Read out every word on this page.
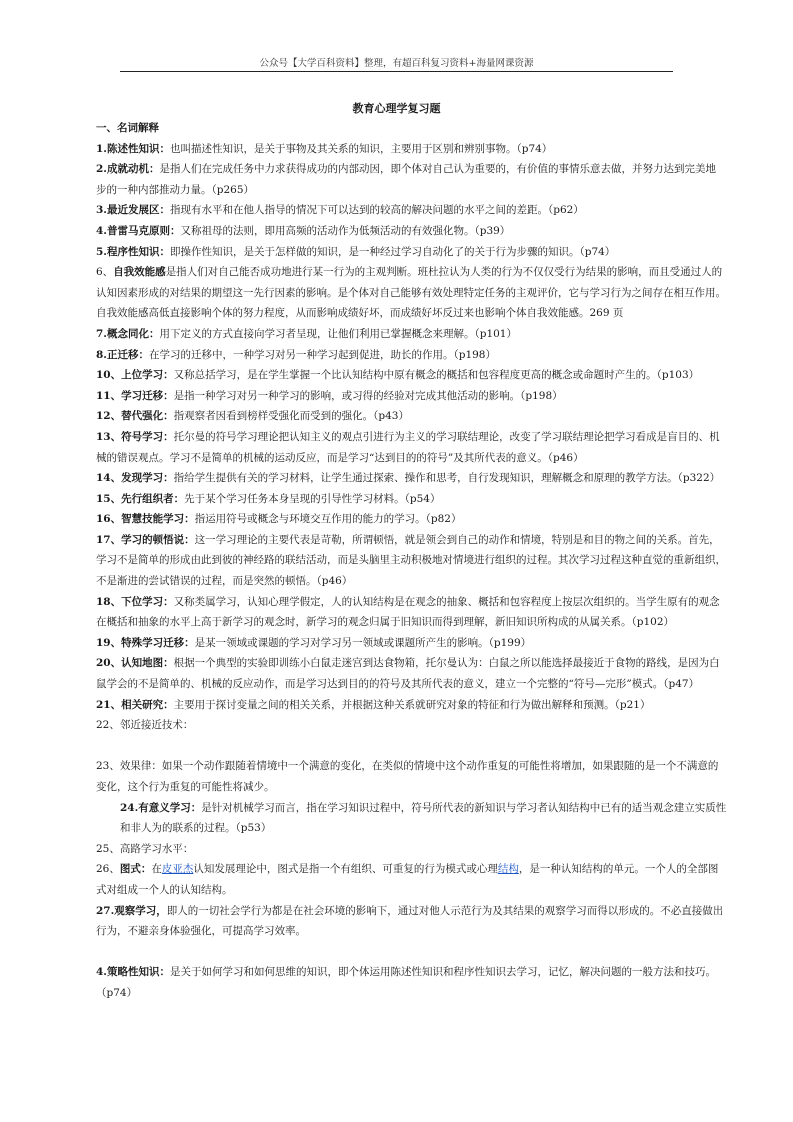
公众号【大学百科资料】整理，有超百科复习资料+海量网课资源
教育心理学复习题

一、名词解释

1.陈述性知识：也叫描述性知识，是关于事物及其关系的知识，主要用于区别和辨别事物。（p74）

2.成就动机：是指人们在完成任务中力求获得成功的内部动因，即个体对自己认为重要的，有价值的事情乐意去做，并努力达到完美地

步的一种内部推动力量。（p265）

3.最近发展区：指现有水平和在他人指导的情况下可以达到的较高的解决问题的水平之间的差距。（p62）

4.普雷马克原则：又称祖母的法则，即用高频的活动作为低频活动的有效强化物。（p39）

5.程序性知识：即操作性知识，是关于怎样做的知识，是一种经过学习自动化了的关于行为步骤的知识。（p74）

6、自我效能感是指人们对自己能否成功地进行某一行为的主观判断。班杜拉认为人类的行为不仅仅受行为结果的影响，而且受通过人的

认知因素形成的对结果的期望这一先行因素的影响。是个体对自己能够有效处理特定任务的主观评价，它与学习行为之间存在相互作用。

自我效能感高低直接影响个体的努力程度，从而影响成绩好坏，而成绩好坏反过来也影响个体自我效能感。269 页

7.概念同化：用下定义的方式直接向学习者呈现，让他们利用已掌握概念来理解。（p101）

8.正迁移：在学习的迁移中，一种学习对另一种学习起到促进，助长的作用。（p198）

10、上位学习：又称总括学习，是在学生掌握一个比认知结构中原有概念的概括和包容程度更高的概念或命题时产生的。（p103）

11、学习迁移：是指一种学习对另一种学习的影响，或习得的经验对完成其他活动的影响。（p198）

12、替代强化：指观察者因看到榜样受强化而受到的强化。（p43）

13、符号学习：托尔曼的符号学习理论把认知主义的观点引进行为主义的学习联结理论，改变了学习联结理论把学习看成是盲目的、机

械的错误观点。学习不是简单的机械的运动反应，而是学习“达到目的的符号”及其所代表的意义。（p46）

14、发现学习：指给学生提供有关的学习材料，让学生通过探索、操作和思考，自行发现知识，理解概念和原理的教学方法。（p322）

15、先行组织者：先于某个学习任务本身呈现的引导性学习材料。（p54）

16、智慧技能学习：指运用符号或概念与环境交互作用的能力的学习。（p82）

17、学习的顿悟说：这一学习理论的主要代表是苛勒，所谓顿悟，就是领会到自己的动作和情境，特别是和目的物之间的关系。首先，

学习不是简单的形成由此到彼的神经路的联结活动，而是头脑里主动积极地对情境进行组织的过程。其次学习过程这种直觉的重新组织，

不是渐进的尝试错误的过程，而是突然的顿悟。（p46）

18、下位学习：又称类属学习，认知心理学假定，人的认知结构是在观念的抽象、概括和包容程度上按层次组织的。当学生原有的观念

在概括和抽象的水平上高于新学习的观念时，新学习的观念归属于旧知识而得到理解，新旧知识所构成的从属关系。（p102）

19、特殊学习迁移：是某一领域或课题的学习对学习另一领域或课题所产生的影响。（p199）

20、认知地图：根据一个典型的实验即训练小白鼠走迷宫到达食物箱，托尔曼认为：白鼠之所以能选择最接近于食物的路线，是因为白

鼠学会的不是简单的、机械的反应动作，而是学习达到目的的符号及其所代表的意义，建立一个完整的“符号—完形”模式。（p47）

21、相关研究：主要用于探讨变量之间的相关关系，并根据这种关系就研究对象的特征和行为做出解释和预测。（p21）

22、邻近接近技术：

23、效果律：如果一个动作跟随着情境中一个满意的变化，在类似的情境中这个动作重复的可能性将增加，如果跟随的是一个不满意的

变化，这个行为重复的可能性将减少。

24.有意义学习：是针对机械学习而言，指在学习知识过程中，符号所代表的新知识与学习者认知结构中已有的适当观念建立实质性

和非人为的联系的过程。（p53）

25、高路学习水平：

26、图式：在皮亚杰认知发展理论中，图式是指一个有组织、可重复的行为模式或心理结构，是一种认知结构的单元。一个人的全部图

式对组成一个人的认知结构。

27.观察学习，即人的一切社会学行为都是在社会环境的影响下，通过对他人示范行为及其结果的观察学习而得以形成的。不必直接做出

行为，不避亲身体验强化，可提高学习效率。

4.策略性知识：是关于如何学习和如何思维的知识，即个体运用陈述性知识和程序性知识去学习，记忆，解决问题的一般方法和技巧。

（p74）
